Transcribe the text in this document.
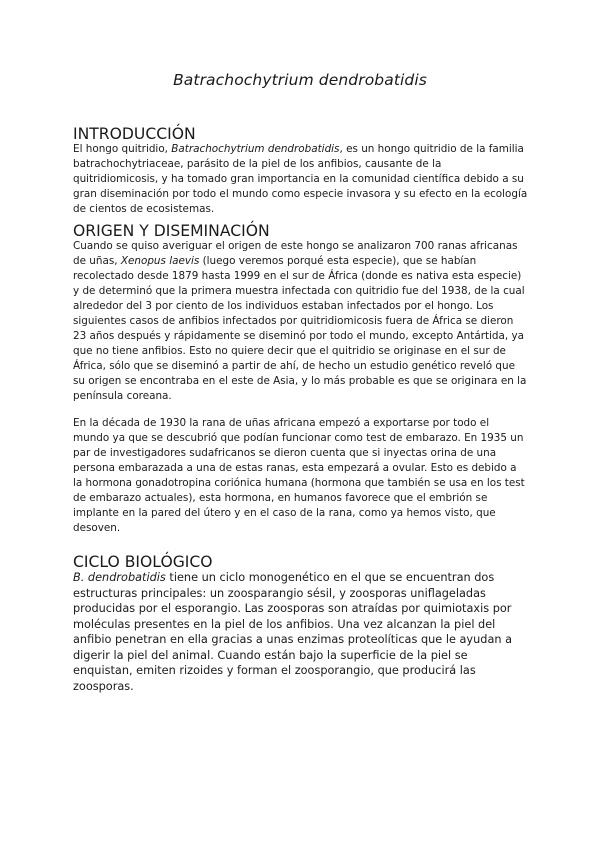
Batrachochytrium dendrobatidis
INTRODUCCIÓN

El hongo quitridio, Batrachochytrium dendrobatidis, es un hongo quitridio de la familia batrachochytriaceae, parásito de la piel de los anfibios, causante de la quitridiomicosis, y ha tomado gran importancia en la comunidad científica debido a su gran diseminación por todo el mundo como especie invasora y su efecto en la ecología de cientos de ecosistemas.

ORIGEN Y DISEMINACIÓN

Cuando se quiso averiguar el origen de este hongo se analizaron 700 ranas africanas de uñas, Xenopus laevis (luego veremos porqué esta especie), que se habían recolectado desde 1879 hasta 1999 en el sur de África (donde es nativa esta especie) y de determinó que la primera muestra infectada con quitridio fue del 1938, de la cual alrededor del 3 por ciento de los individuos estaban infectados por el hongo. Los siguientes casos de anfibios infectados por quitridiomicosis fuera de África se dieron 23 años después y rápidamente se diseminó por todo el mundo, excepto Antártida, ya que no tiene anfibios. Esto no quiere decir que el quitridio se originase en el sur de África, sólo que se diseminó a partir de ahí, de hecho un estudio genético reveló que su origen se encontraba en el este de Asia, y lo más probable es que se originara en la península coreana.

En la década de 1930 la rana de uñas africana empezó a exportarse por todo el mundo ya que se descubrió que podían funcionar como test de embarazo. En 1935 un par de investigadores sudafricanos se dieron cuenta que si inyectas orina de una persona embarazada a una de estas ranas, esta empezará a ovular. Esto es debido a la hormona gonadotropina coriónica humana (hormona que también se usa en los test de embarazo actuales), esta hormona, en humanos favorece que el embrión se implante en la pared del útero y en el caso de la rana, como ya hemos visto, que desoven.

CICLO BIOLÓGICO

B. dendrobatidis tiene un ciclo monogenético en el que se encuentran dos estructuras principales: un zoosparangio sésil, y zoosporas uniflageladas producidas por el esporangio. Las zoosporas son atraídas por quimiotaxis por moléculas presentes en la piel de los anfibios. Una vez alcanzan la piel del anfibio penetran en ella gracias a unas enzimas proteolíticas que le ayudan a digerir la piel del animal. Cuando están bajo la superficie de la piel se enquistan, emiten rizoides y forman el zoosporangio, que producirá las zoosporas.
